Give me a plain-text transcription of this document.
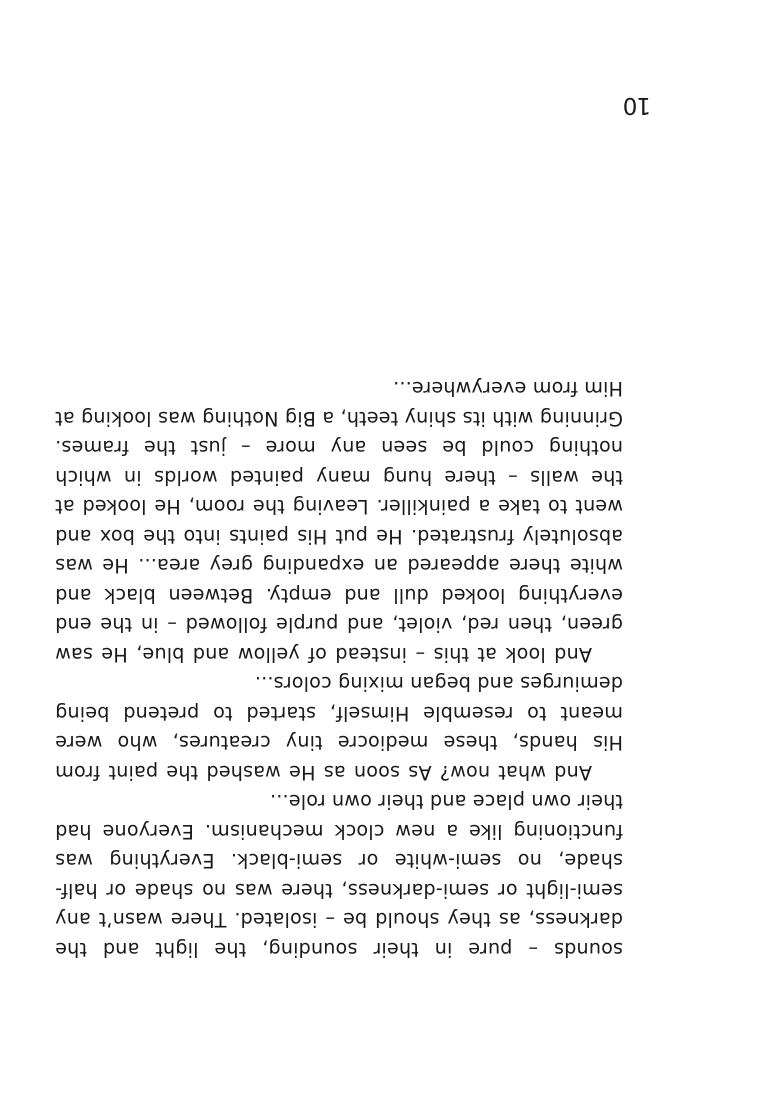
sounds – pure in their sounding, the light and the darkness, as they should be – isolated. There wasn’t any semi-light or semi-darkness, there was no shade or half-shade, no semi-white or semi-black. Everything was functioning like a new clock mechanism. Everyone had their own place and their own role...

And what now? As soon as He washed the paint from His hands, these mediocre tiny creatures, who were meant to resemble Himself, started to pretend being demiurges and began mixing colors...

And look at this – instead of yellow and blue, He saw green, then red, violet, and purple followed – in the end everything looked dull and empty. Between black and white there appeared an expanding grey area... He was absolutely frustrated. He put His paints into the box and went to take a painkiller. Leaving the room, He looked at the walls – there hung many painted worlds in which nothing could be seen any more – just the frames. Grinning with its shiny teeth, a Big Nothing was looking at Him from everywhere...

10
